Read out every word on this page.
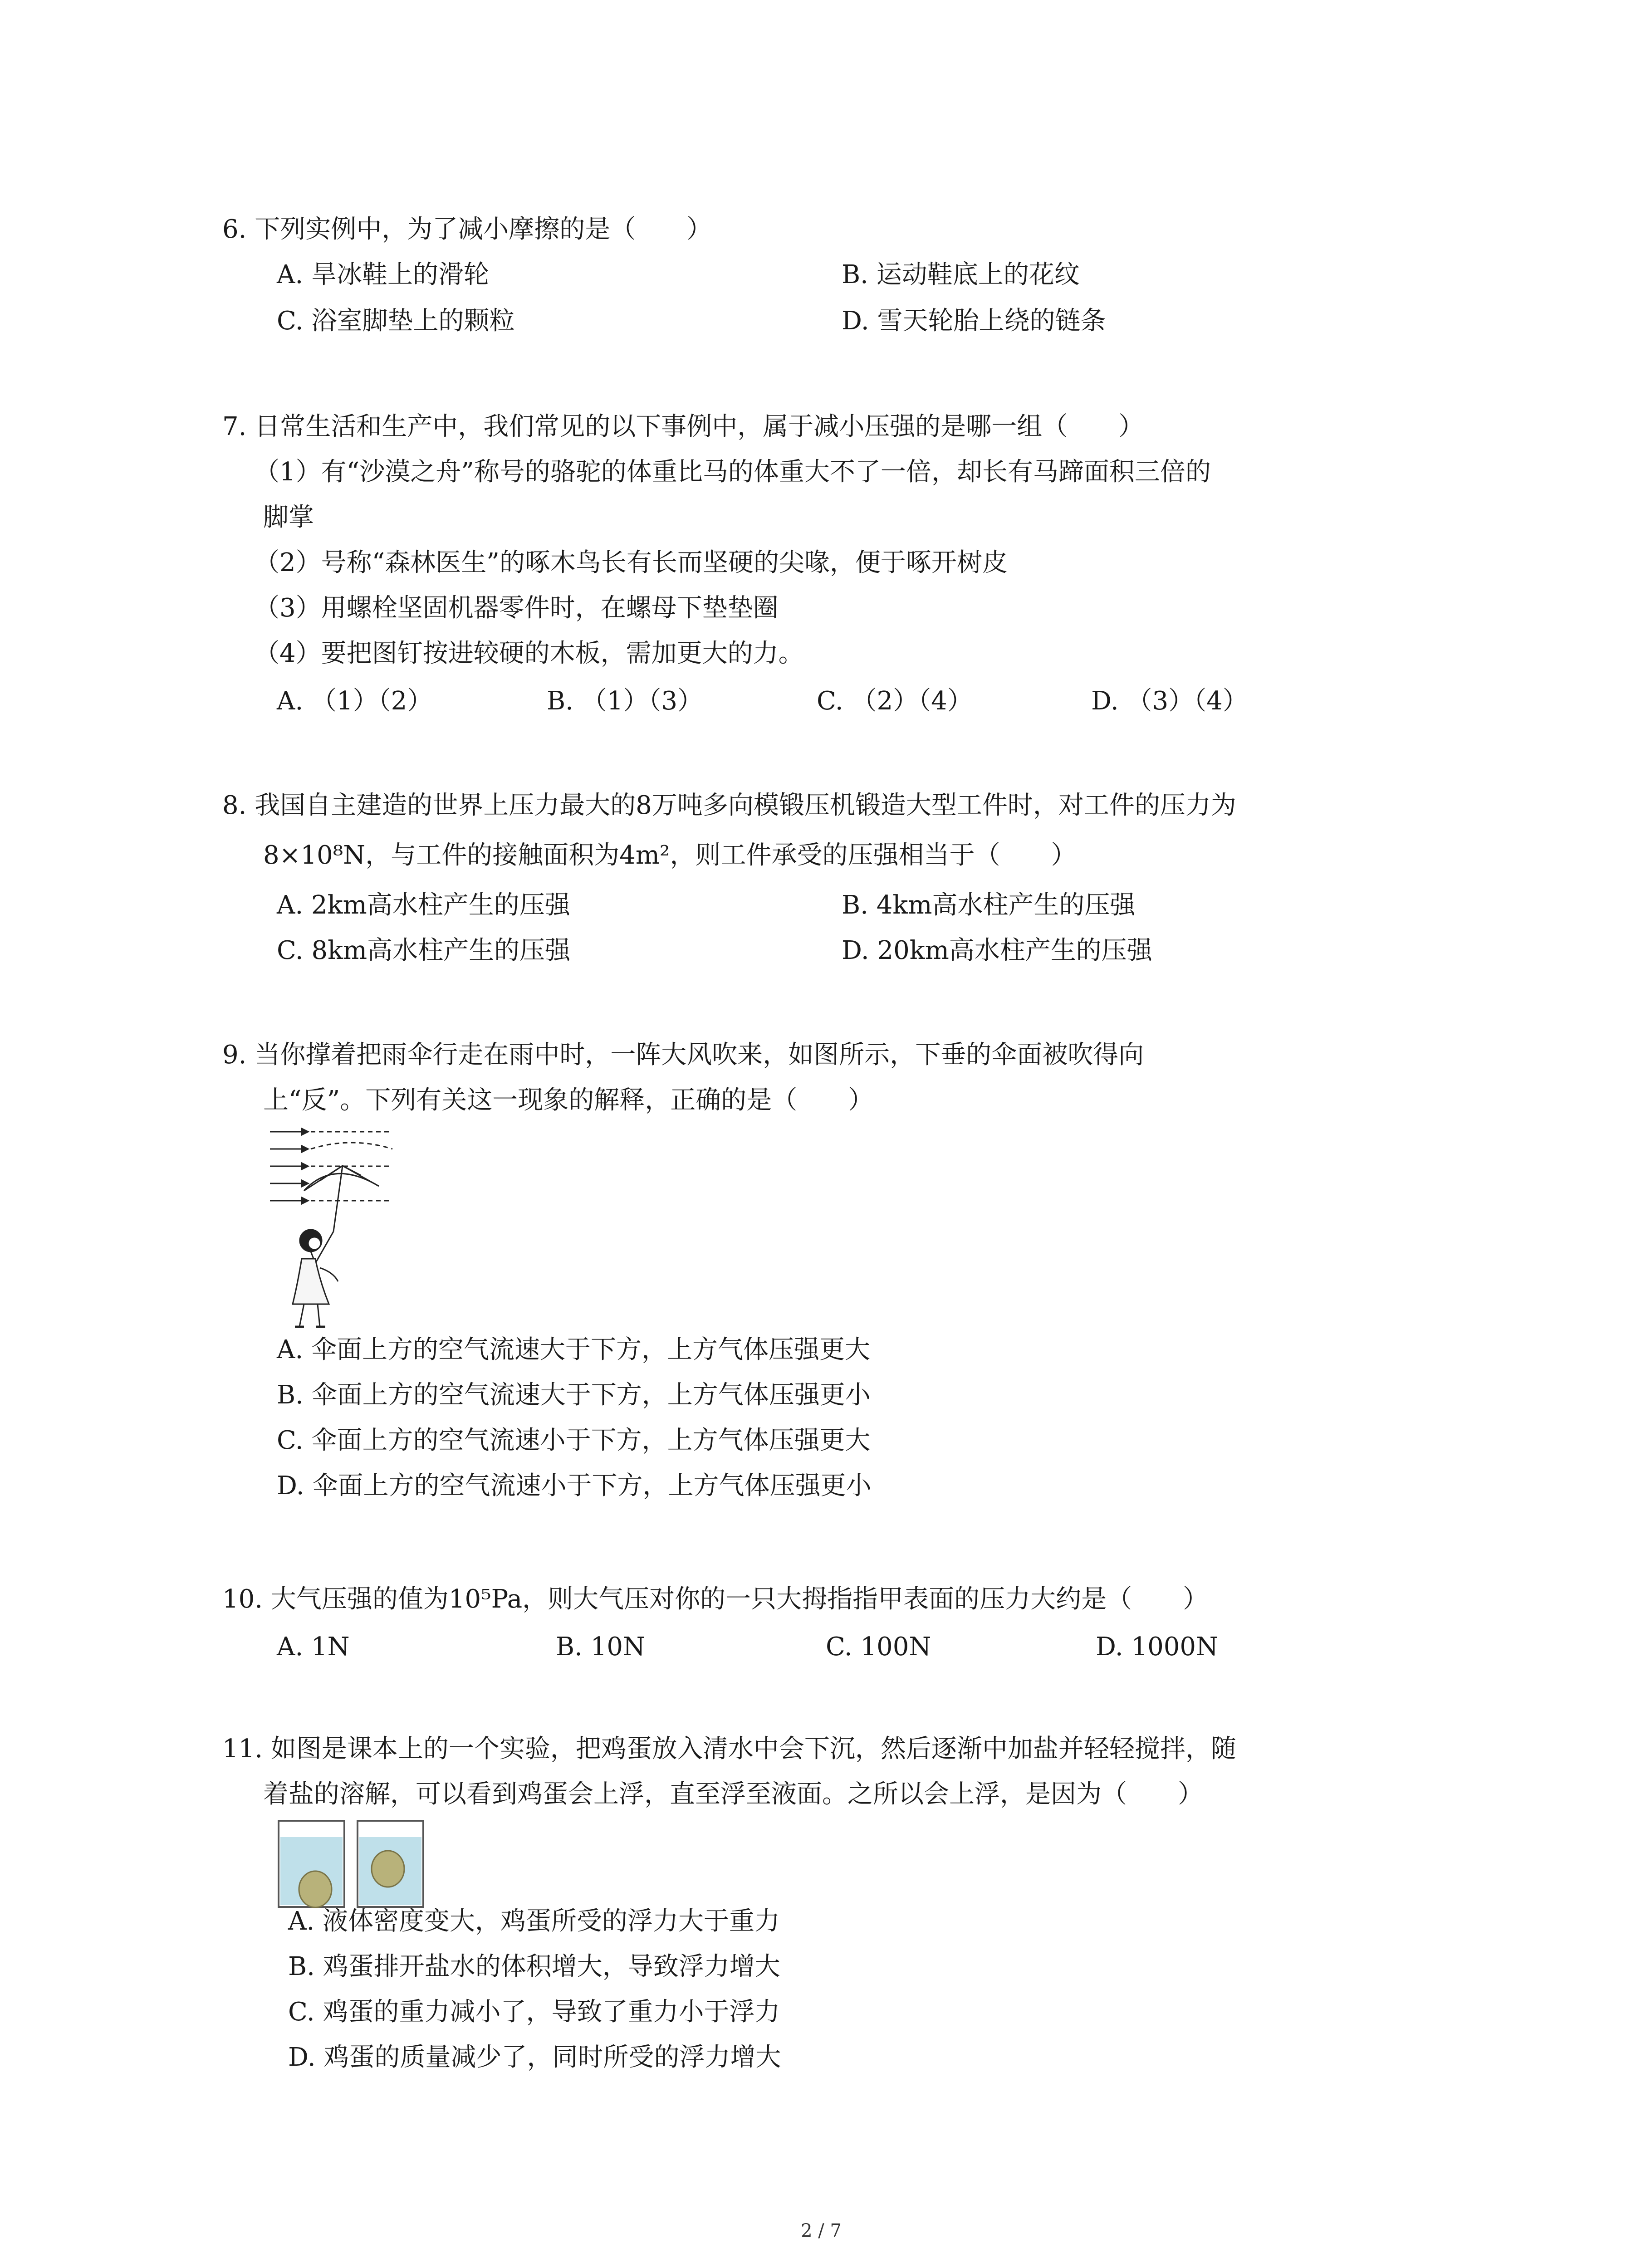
6. 下列实例中，为了减小摩擦的是（　　）
A. 旱冰鞋上的滑轮	B. 运动鞋底上的花纹
C. 浴室脚垫上的颗粒	D. 雪天轮胎上绕的链条
7. 日常生活和生产中，我们常见的以下事例中，属于减小压强的是哪一组（　　）
（1）有“沙漠之舟”称号的骆驼的体重比马的体重大不了一倍，却长有马蹄面积三倍的
脚掌
（2）号称“森林医生”的啄木鸟长有长而坚硬的尖喙，便于啄开树皮
（3）用螺栓坚固机器零件时，在螺母下垫垫圈
（4）要把图钉按进较硬的木板，需加更大的力。
A. （1）（2）	B. （1）（3）	C. （2）（4）	D. （3）（4）
8. 我国自主建造的世界上压力最大的8万吨多向模锻压机锻造大型工件时，对工件的压力为
8×10⁸N，与工件的接触面积为4m²，则工件承受的压强相当于（　　）
A. 2km高水柱产生的压强	B. 4km高水柱产生的压强
C. 8km高水柱产生的压强	D. 20km高水柱产生的压强
9. 当你撑着把雨伞行走在雨中时，一阵大风吹来，如图所示，下垂的伞面被吹得向
上“反”。下列有关这一现象的解释，正确的是（　　）
A. 伞面上方的空气流速大于下方，上方气体压强更大
B. 伞面上方的空气流速大于下方，上方气体压强更小
C. 伞面上方的空气流速小于下方，上方气体压强更大
D. 伞面上方的空气流速小于下方，上方气体压强更小
10. 大气压强的值为10⁵Pa，则大气压对你的一只大拇指指甲表面的压力大约是（　　）
A. 1N	B. 10N	C. 100N	D. 1000N
11. 如图是课本上的一个实验，把鸡蛋放入清水中会下沉，然后逐渐中加盐并轻轻搅拌，随
着盐的溶解，可以看到鸡蛋会上浮，直至浮至液面。之所以会上浮，是因为（　　）
A. 液体密度变大，鸡蛋所受的浮力大于重力
B. 鸡蛋排开盐水的体积增大，导致浮力增大
C. 鸡蛋的重力减小了，导致了重力小于浮力
D. 鸡蛋的质量减少了，同时所受的浮力增大
2 / 7
